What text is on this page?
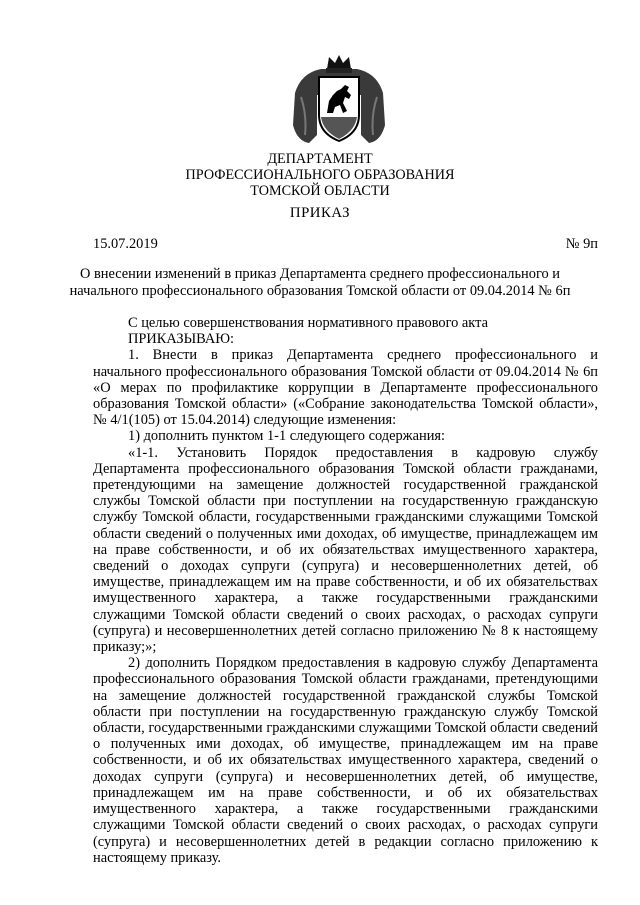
ДЕПАРТАМЕНТ
ПРОФЕССИОНАЛЬНОГО ОБРАЗОВАНИЯ
ТОМСКОЙ ОБЛАСТИ
ПРИКАЗ
15.07.2019	№ 9п
О внесении изменений в приказ Департамента среднего профессионального и
начального профессионального образования Томской области от 09.04.2014 № 6п

С целью совершенствования нормативного правового акта

ПРИКАЗЫВАЮ:

1. Внести в приказ Департамента среднего профессионального и начального профессионального образования Томской области от 09.04.2014 № 6п «О мерах по профилактике коррупции в Департаменте профессионального образования Томской области» («Собрание законодательства Томской области», № 4/1(105) от 15.04.2014) следующие изменения:

1) дополнить пунктом 1-1 следующего содержания:

«1-1. Установить Порядок предоставления в кадровую службу Департамента профессионального образования Томской области гражданами, претендующими на замещение должностей государственной гражданской службы Томской области при поступлении на государственную гражданскую службу Томской области, государственными гражданскими служащими Томской области сведений о полученных ими доходах, об имуществе, принадлежащем им на праве собственности, и об их обязательствах имущественного характера, сведений о доходах супруги (супруга) и несовершеннолетних детей, об имуществе, принадлежащем им на праве собственности, и об их обязательствах имущественного характера, а также государственными гражданскими служащими Томской области сведений о своих расходах, о расходах супруги (супруга) и несовершеннолетних детей согласно приложению № 8 к настоящему приказу;»;

2) дополнить Порядком предоставления в кадровую службу Департамента профессионального образования Томской области гражданами, претендующими на замещение должностей государственной гражданской службы Томской области при поступлении на государственную гражданскую службу Томской области, государственными гражданскими служащими Томской области сведений о полученных ими доходах, об имуществе, принадлежащем им на праве собственности, и об их обязательствах имущественного характера, сведений о доходах супруги (супруга) и несовершеннолетних детей, об имуществе, принадлежащем им на праве собственности, и об их обязательствах имущественного характера, а также государственными гражданскими служащими Томской области сведений о своих расходах, о расходах супруги (супруга) и несовершеннолетних детей в редакции согласно приложению к настоящему приказу.
